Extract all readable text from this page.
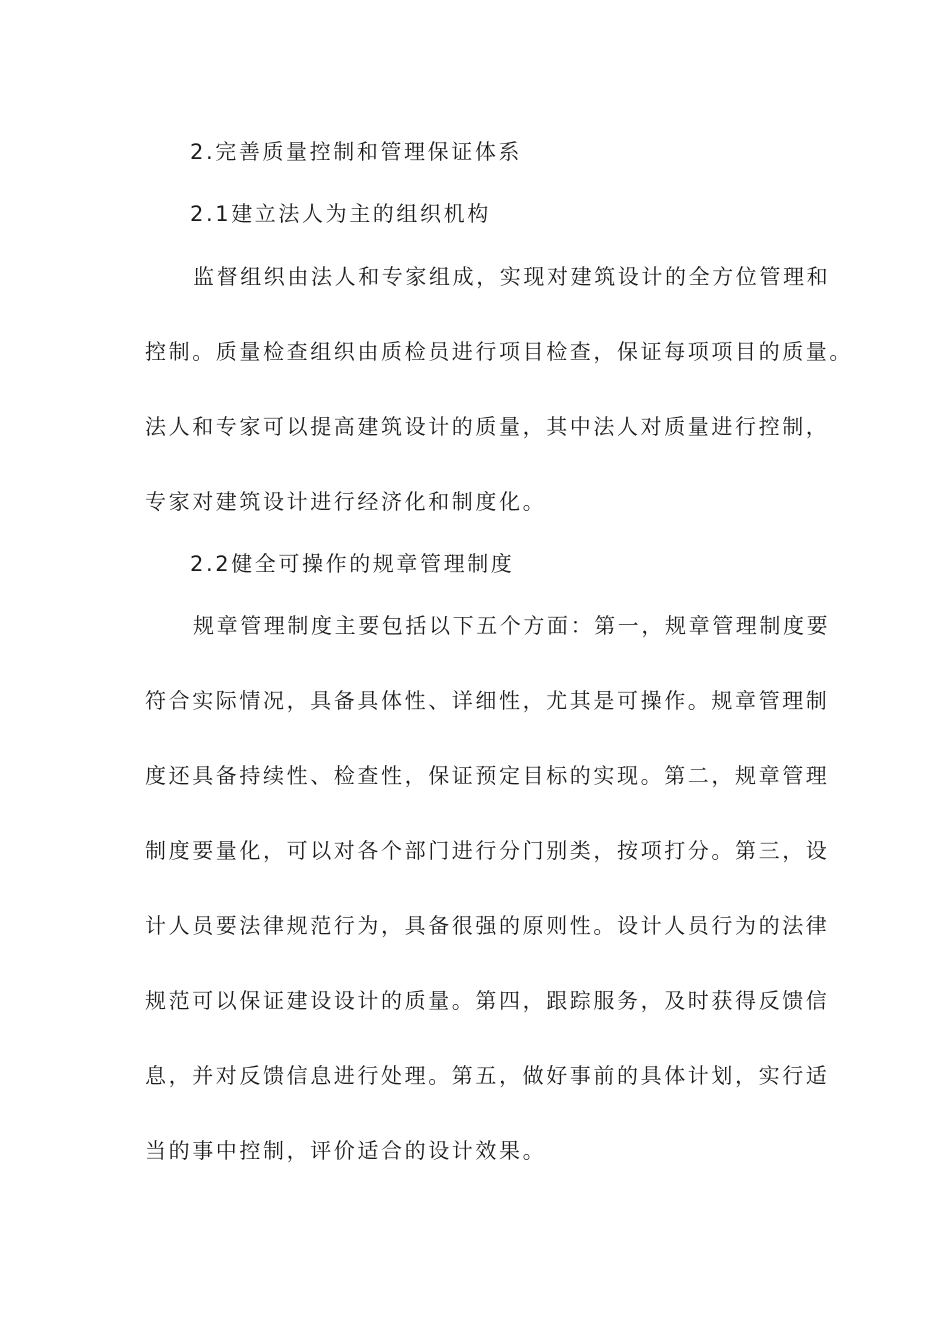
2.完善质量控制和管理保证体系
2.1建立法人为主的组织机构
监督组织由法人和专家组成，实现对建筑设计的全方位管理和
控制。质量检查组织由质检员进行项目检查，保证每项项目的质量。
法人和专家可以提高建筑设计的质量，其中法人对质量进行控制，
专家对建筑设计进行经济化和制度化。
2.2健全可操作的规章管理制度
规章管理制度主要包括以下五个方面：第一，规章管理制度要
符合实际情况，具备具体性、详细性，尤其是可操作。规章管理制
度还具备持续性、检查性，保证预定目标的实现。第二，规章管理
制度要量化，可以对各个部门进行分门别类，按项打分。第三，设
计人员要法律规范行为，具备很强的原则性。设计人员行为的法律
规范可以保证建设设计的质量。第四，跟踪服务，及时获得反馈信
息，并对反馈信息进行处理。第五，做好事前的具体计划，实行适
当的事中控制，评价适合的设计效果。
